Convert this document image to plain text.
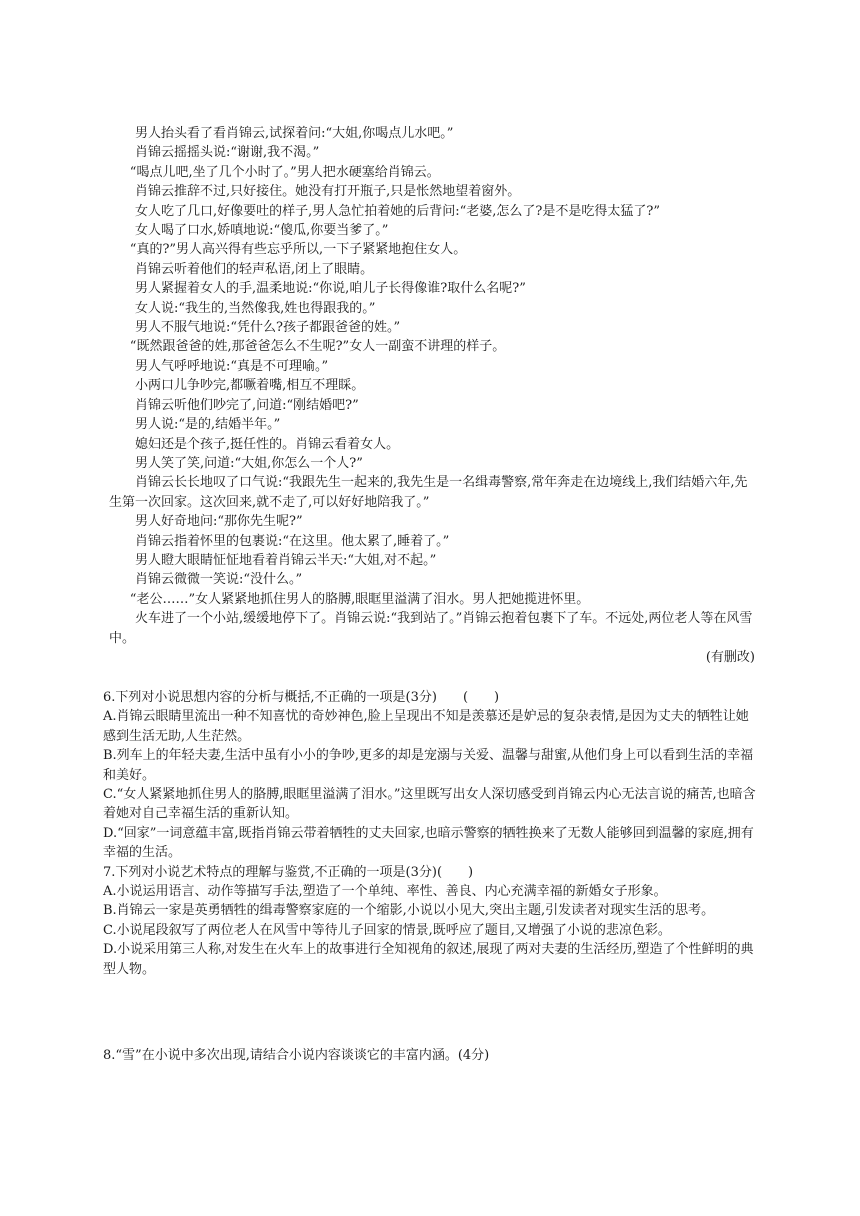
男人抬头看了看肖锦云,试探着问:“大姐,你喝点儿水吧。”

肖锦云摇摇头说:“谢谢,我不渴。”

“喝点儿吧,坐了几个小时了。”男人把水硬塞给肖锦云。

肖锦云推辞不过,只好接住。她没有打开瓶子,只是怅然地望着窗外。

女人吃了几口,好像要吐的样子,男人急忙拍着她的后背问:“老婆,怎么了?是不是吃得太猛了?”

女人喝了口水,娇嗔地说:“傻瓜,你要当爹了。”

“真的?”男人高兴得有些忘乎所以,一下子紧紧地抱住女人。

肖锦云听着他们的轻声私语,闭上了眼睛。

男人紧握着女人的手,温柔地说:“你说,咱儿子长得像谁?取什么名呢?”

女人说:“我生的,当然像我,姓也得跟我的。”

男人不服气地说:“凭什么?孩子都跟爸爸的姓。”

“既然跟爸爸的姓,那爸爸怎么不生呢?”女人一副蛮不讲理的样子。

男人气呼呼地说:“真是不可理喻。”

小两口儿争吵完,都噘着嘴,相互不理睬。

肖锦云听他们吵完了,问道:“刚结婚吧?”

男人说:“是的,结婚半年。”

媳妇还是个孩子,挺任性的。肖锦云看着女人。

男人笑了笑,问道:“大姐,你怎么一个人?”

肖锦云长长地叹了口气说:“我跟先生一起来的,我先生是一名缉毒警察,常年奔走在边境线上,我们结婚六年,先生第一次回家。这次回来,就不走了,可以好好地陪我了。”

男人好奇地问:“那你先生呢?”

肖锦云指着怀里的包裹说:“在这里。他太累了,睡着了。”

男人瞪大眼睛怔怔地看着肖锦云半天:“大姐,对不起。”

肖锦云微微一笑说:“没什么。”

“老公……”女人紧紧地抓住男人的胳膊,眼眶里溢满了泪水。男人把她揽进怀里。

火车进了一个小站,缓缓地停下了。肖锦云说:“我到站了。”肖锦云抱着包裹下了车。不远处,两位老人等在风雪中。

(有删改)

6.下列对小说思想内容的分析与概括,不正确的一项是(3分)　　(　　)

A.肖锦云眼睛里流出一种不知喜忧的奇妙神色,脸上呈现出不知是羡慕还是妒忌的复杂表情,是因为丈夫的牺牲让她感到生活无助,人生茫然。

B.列车上的年轻夫妻,生活中虽有小小的争吵,更多的却是宠溺与关爱、温馨与甜蜜,从他们身上可以看到生活的幸福和美好。

C.“女人紧紧地抓住男人的胳膊,眼眶里溢满了泪水。”这里既写出女人深切感受到肖锦云内心无法言说的痛苦,也暗含着她对自己幸福生活的重新认知。

D.“回家”一词意蕴丰富,既指肖锦云带着牺牲的丈夫回家,也暗示警察的牺牲换来了无数人能够回到温馨的家庭,拥有幸福的生活。

7.下列对小说艺术特点的理解与鉴赏,不正确的一项是(3分)(　　)

A.小说运用语言、动作等描写手法,塑造了一个单纯、率性、善良、内心充满幸福的新婚女子形象。

B.肖锦云一家是英勇牺牲的缉毒警察家庭的一个缩影,小说以小见大,突出主题,引发读者对现实生活的思考。

C.小说尾段叙写了两位老人在风雪中等待儿子回家的情景,既呼应了题目,又增强了小说的悲凉色彩。

D.小说采用第三人称,对发生在火车上的故事进行全知视角的叙述,展现了两对夫妻的生活经历,塑造了个性鲜明的典型人物。

8.“雪”在小说中多次出现,请结合小说内容谈谈它的丰富内涵。(4分)
